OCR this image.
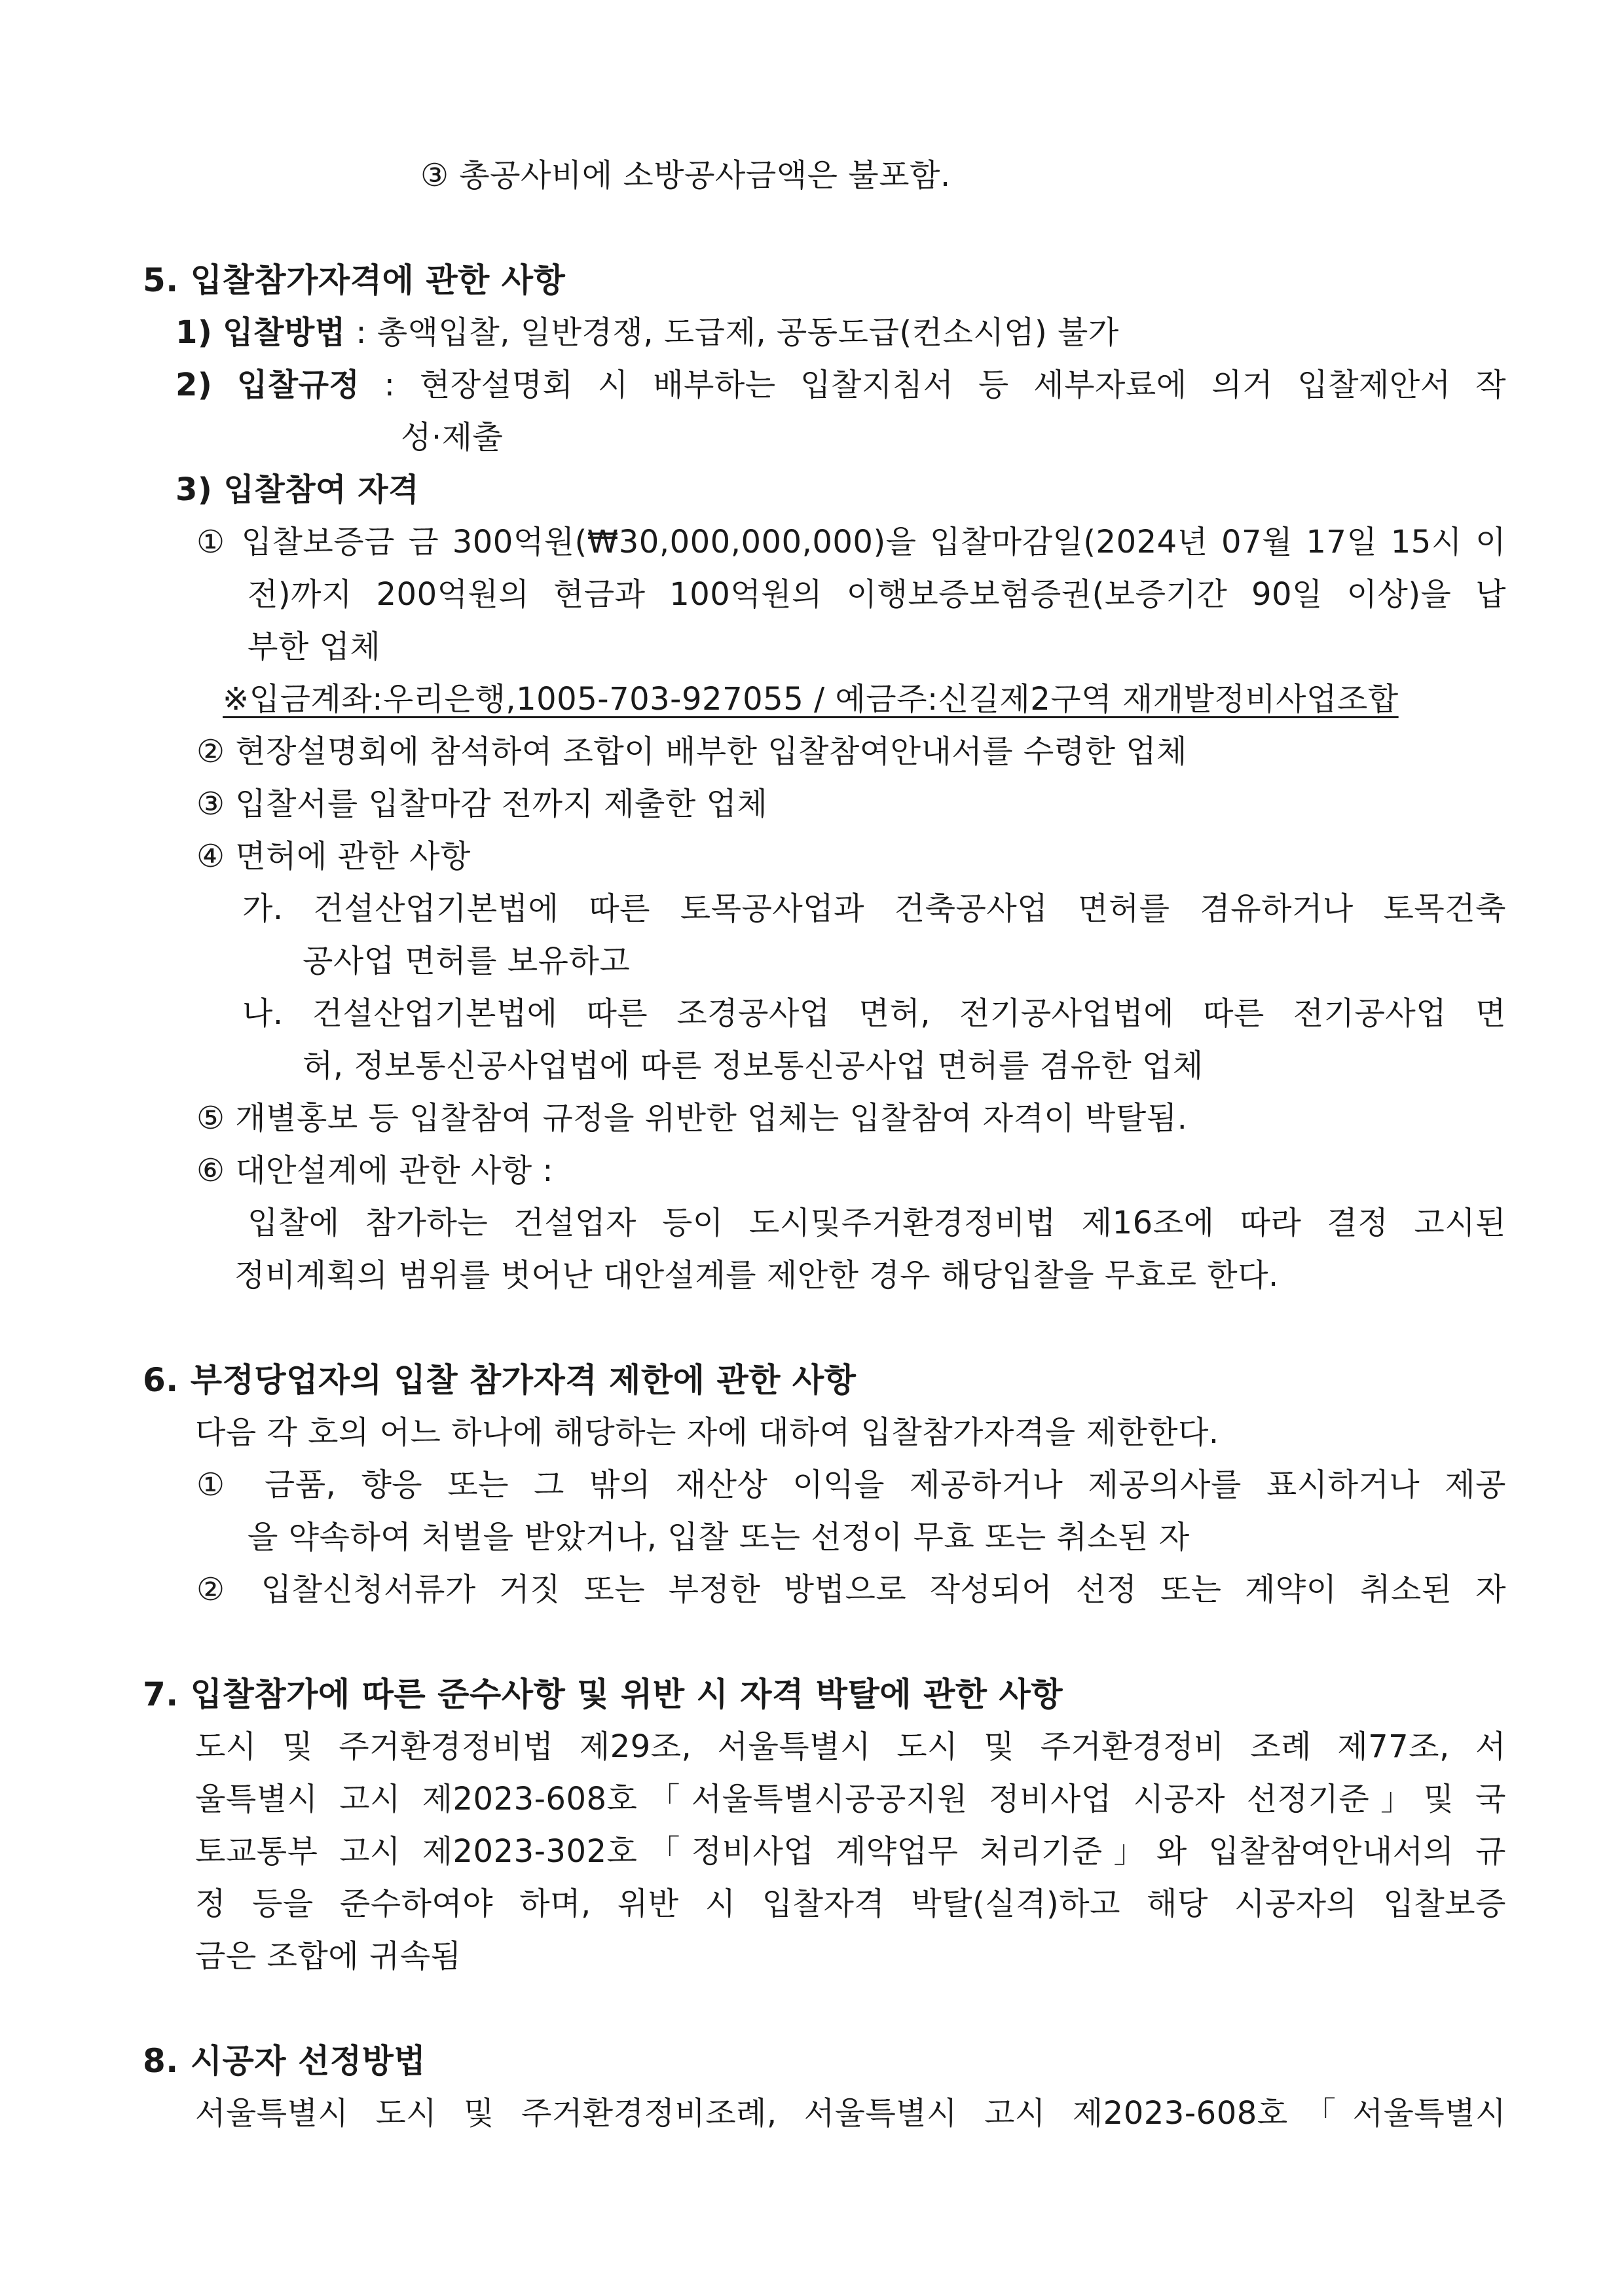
③ 총공사비에 소방공사금액은 불포함.
5. 입찰참가자격에 관한 사항
1) 입찰방법 : 총액입찰, 일반경쟁, 도급제, 공동도급(컨소시엄) 불가
2) 입찰규정 : 현장설명회 시 배부하는 입찰지침서 등 세부자료에 의거 입찰제안서 작
성·제출
3) 입찰참여 자격
① 입찰보증금 금 300억원(₩30,000,000,000)을 입찰마감일(2024년 07월 17일 15시 이
전)까지 200억원의 현금과 100억원의 이행보증보험증권(보증기간 90일 이상)을 납
부한 업체
※입금계좌:우리은행,1005-703-927055 / 예금주:신길제2구역 재개발정비사업조합
② 현장설명회에 참석하여 조합이 배부한 입찰참여안내서를 수령한 업체
③ 입찰서를 입찰마감 전까지 제출한 업체
④ 면허에 관한 사항
가. 건설산업기본법에 따른 토목공사업과 건축공사업 면허를 겸유하거나 토목건축
공사업 면허를 보유하고
나. 건설산업기본법에 따른 조경공사업 면허, 전기공사업법에 따른 전기공사업 면
허, 정보통신공사업법에 따른 정보통신공사업 면허를 겸유한 업체
⑤ 개별홍보 등 입찰참여 규정을 위반한 업체는 입찰참여 자격이 박탈됨.
⑥ 대안설계에 관한 사항 :
입찰에 참가하는 건설업자 등이 도시및주거환경정비법 제16조에 따라 결정 고시된
정비계획의 범위를 벗어난 대안설계를 제안한 경우 해당입찰을 무효로 한다.
6. 부정당업자의 입찰 참가자격 제한에 관한 사항
다음 각 호의 어느 하나에 해당하는 자에 대하여 입찰참가자격을 제한한다.
① 금품, 향응 또는 그 밖의 재산상 이익을 제공하거나 제공의사를 표시하거나 제공
을 약속하여 처벌을 받았거나, 입찰 또는 선정이 무효 또는 취소된 자
② 입찰신청서류가 거짓 또는 부정한 방법으로 작성되어 선정 또는 계약이 취소된 자
7. 입찰참가에 따른 준수사항 및 위반 시 자격 박탈에 관한 사항
도시 및 주거환경정비법 제29조, 서울특별시 도시 및 주거환경정비 조례 제77조, 서
울특별시 고시 제2023-608호「서울특별시공공지원 정비사업 시공자 선정기준」및 국
토교통부 고시 제2023-302호「정비사업 계약업무 처리기준」와 입찰참여안내서의 규
정 등을 준수하여야 하며, 위반 시 입찰자격 박탈(실격)하고 해당 시공자의 입찰보증
금은 조합에 귀속됨
8. 시공자 선정방법
서울특별시 도시 및 주거환경정비조례, 서울특별시 고시 제2023-608호「서울특별시
